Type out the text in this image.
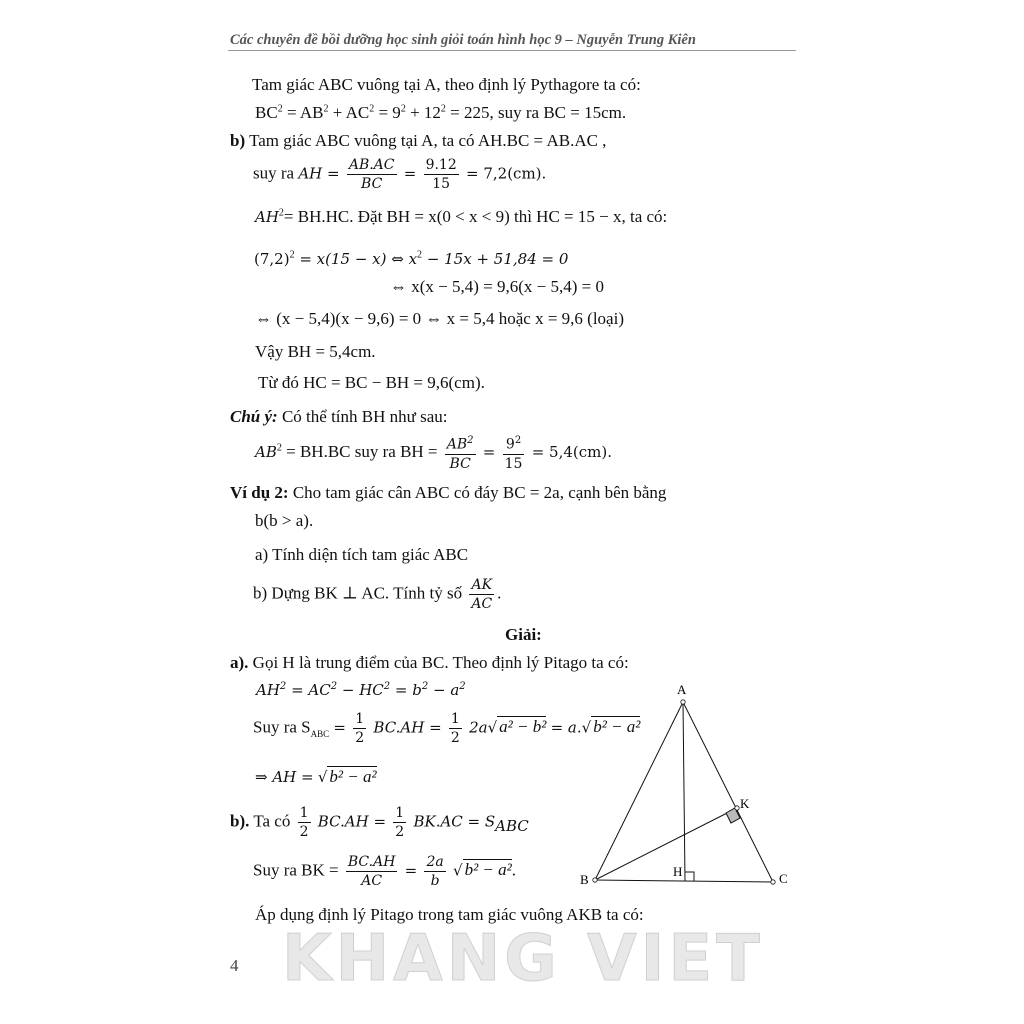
Các chuyên đề bồi dưỡng học sinh giỏi toán hình học 9 – Nguyễn Trung Kiên
Tam giác ABC vuông tại A, theo định lý Pythagore ta có:
$BC^2 = AB^2 + AC^2 = 9^2 + 12^2 = 225$, suy ra BC = 15cm.
b) Tam giác ABC vuông tại A, ta có AH.BC = AB.AC ,
suy ra AH = $\frac{AB.AC}{BC} = \frac{9.12}{15} = 7,2(cm)$.
$AH^2= BH.HC$. Đặt BH = x(0 < x < 9) thì HC = 15 − x, ta có:
$(7,2)^2 = x(15 - x)$ ⇔ $x^2 - 15x + 51,84 = 0$
⇔ x(x − 5,4) = 9,6(x − 5,4) = 0
⇔ (x − 5,4)(x − 9,6) = 0 ⇔ x = 5,4 hoặc x = 9,6 (loại)
Vậy BH = 5,4cm.
Từ đó HC = BC − BH = 9,6(cm).
Chú ý: Có thể tính BH như sau:
$AB^2 = BH.BC$ suy ra BH = $\frac{AB^2}{BC} = \frac{9^2}{15} = 5,4(cm)$.
Ví dụ 2: Cho tam giác cân ABC có đáy BC = 2a, cạnh bên bằng
b(b > a).
a) Tính diện tích tam giác ABC
b) Dựng BK ⊥ AC. Tính tỷ số $\frac{AK}{AC}$ .
Giải:
a). Gọi H là trung điểm của BC. Theo định lý Pitago ta có:
$AH^2 = AC^2 - HC^2 = b^2 - a^2$
Suy ra $S_{ABC} = \frac{1}{2} BC.AH = \frac{1}{2} 2a√$ a² − b² = a.√ b² − a²
⇒ AH = √ b² − a²
b). Ta có $\frac{1}{2} BC.AH = \frac{1}{2} BK.AC = S_{ABC}$
Suy ra BK = $\frac{BC.AH}{AC} = \frac{2a}{b}$ √ b² − a².
Áp dụng định lý Pitago trong tam giác vuông AKB ta có:
A
B	C
H
K
KHANG VIET
4
